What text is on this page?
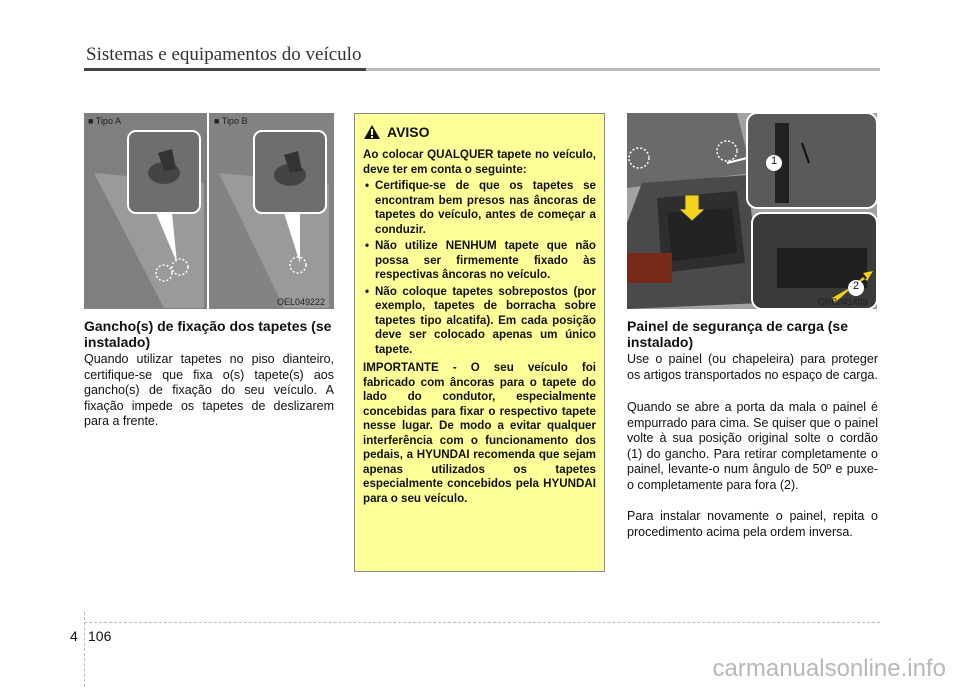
Sistemas e equipamentos do veículo
■ Tipo A	■ Tipo B
OEL049222
Gancho(s) de fixação dos tapetes (se instalado)
Quando utilizar tapetes no piso dianteiro, certifique-se que fixa o(s) tapete(s) aos gancho(s) de fixação do seu veículo. A fixação impede os tapetes de deslizarem para a frente.
AVISO

Ao colocar QUALQUER tapete no veículo, deve ter em conta o seguinte:

• Certifique-se de que os tapetes se encontram bem presos nas âncoras de tapetes do veículo, antes de começar a conduzir.
• Não utilize NENHUM tapete que não possa ser firmemente fixado às respectivas âncoras no veículo.
• Não coloque tapetes sobrepostos (por exemplo, tapetes de borracha sobre tapetes tipo alcatifa). Em cada posição deve ser colocado apenas um único tapete.

IMPORTANTE - O seu veículo foi fabricado com âncoras para o tapete do lado do condutor, especialmente concebidas para fixar o respectivo tapete nesse lugar. De modo a evitar qualquer interferência com o funcionamento dos pedais, a HYUNDAI recomenda que sejam apenas utilizados os tapetes especialmente concebidos pela HYUNDAI para o seu veículo.

1
2
ORB041403
Painel de segurança de carga (se instalado)
Use o painel (ou chapeleira) para proteger os artigos transportados no espaço de carga.
Quando se abre a porta da mala o painel é empurrado para cima. Se quiser que o painel volte à sua posição original solte o cordão (1) do gancho. Para retirar completamente o painel, levante-o num ângulo de 50º e puxe-o completamente para fora (2).
Para instalar novamente o painel, repita o procedimento acima pela ordem inversa.
4 106
carmanualsonline.info
